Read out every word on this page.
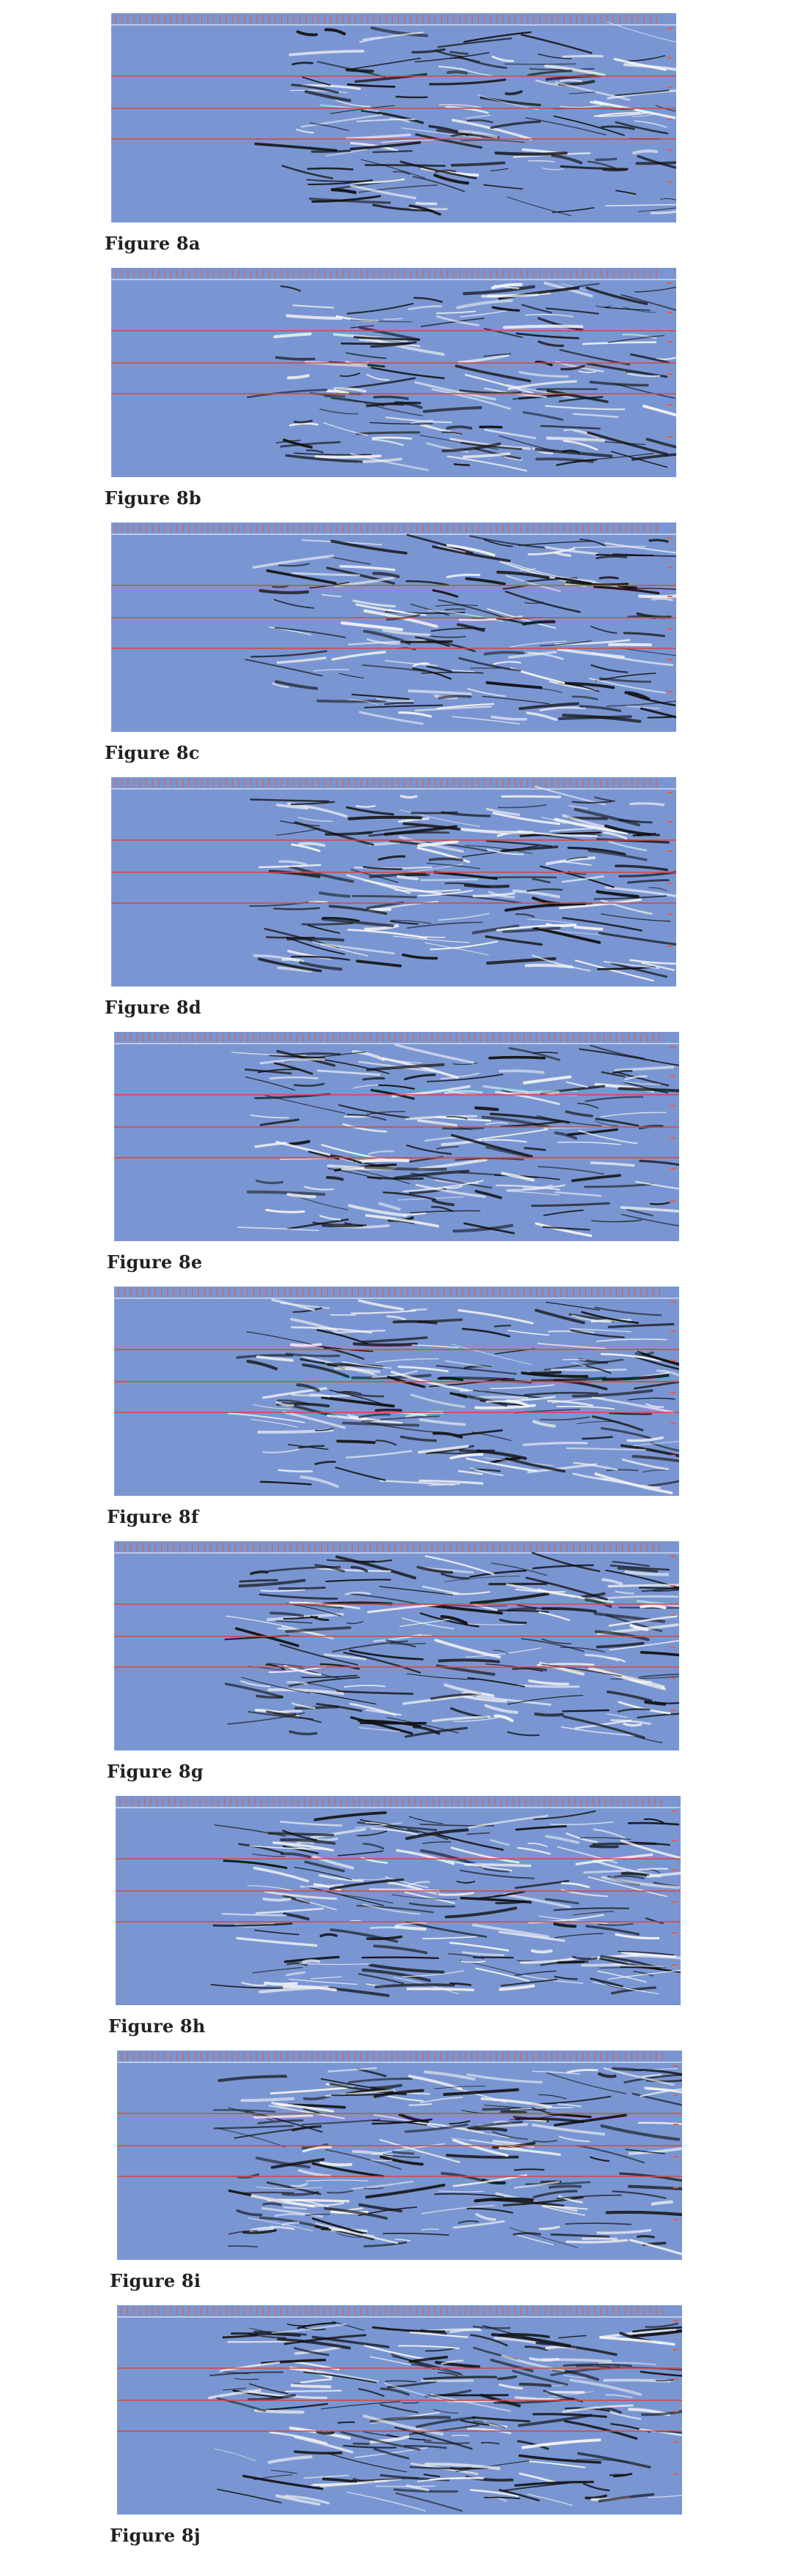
Figure 8a
Figure 8b
Figure 8c
Figure 8d
Figure 8e
Figure 8f
Figure 8g
Figure 8h
Figure 8i
Figure 8j
